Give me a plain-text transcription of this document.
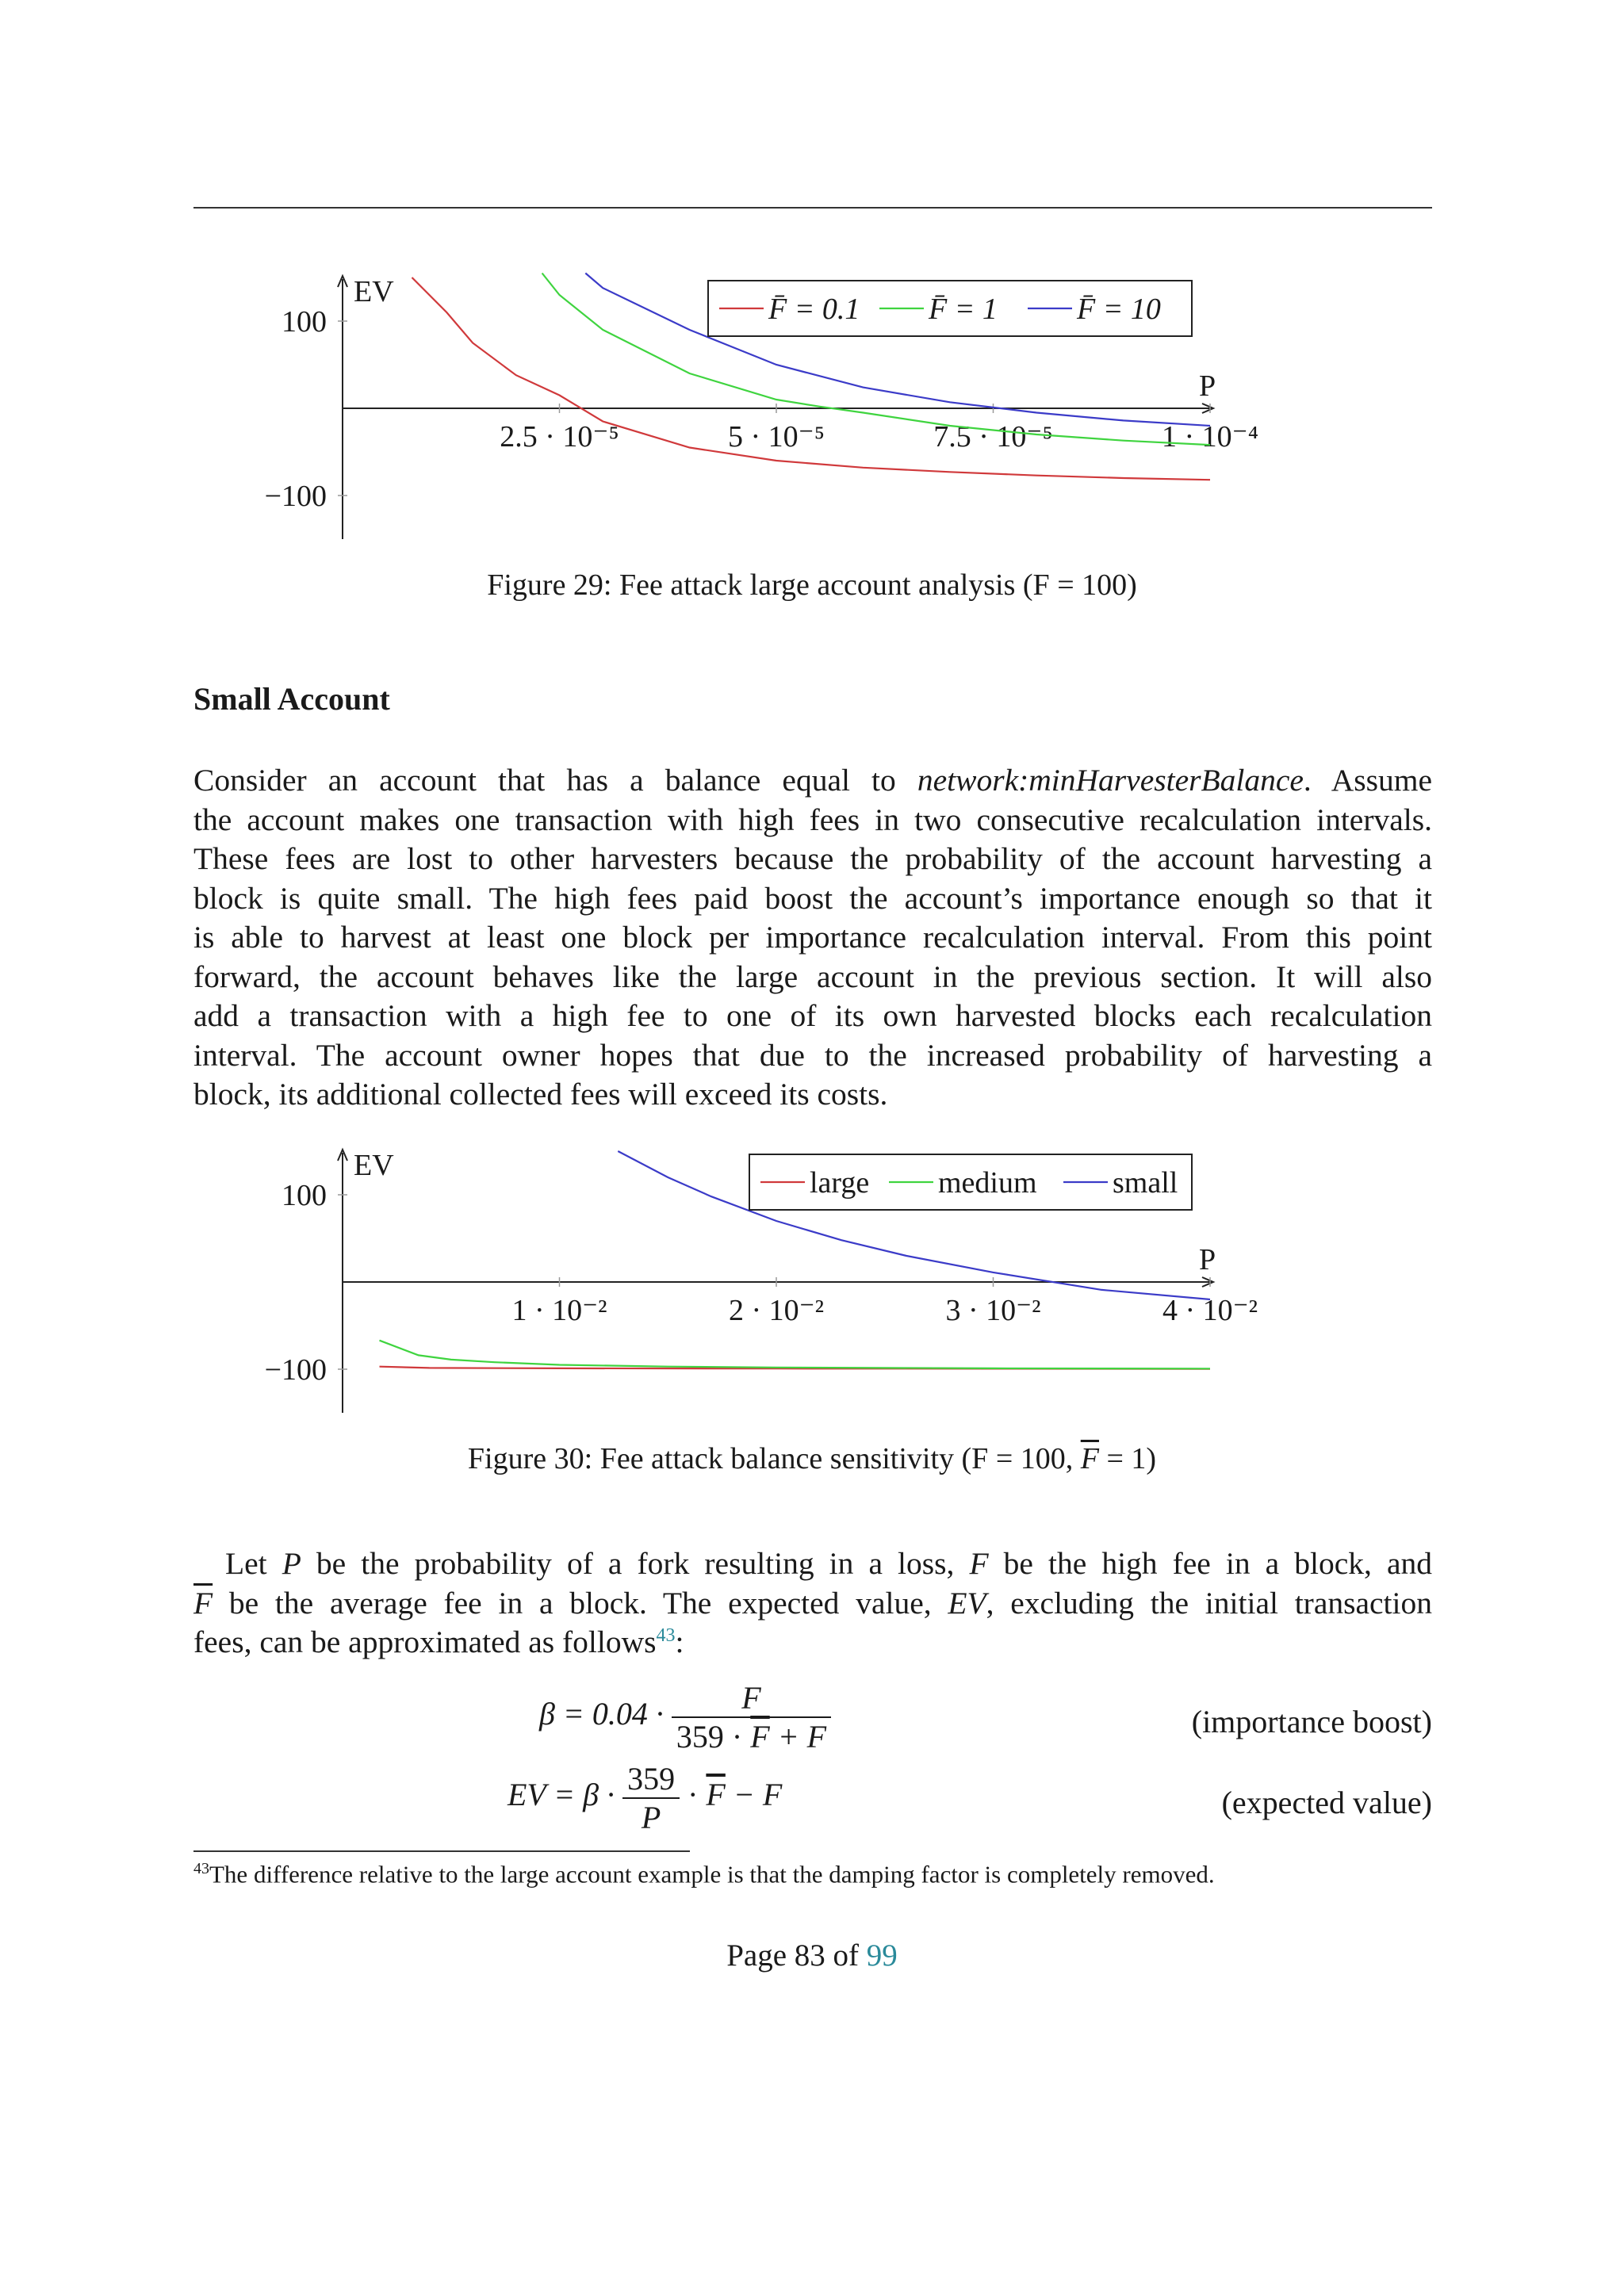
EV
P
100
−100
2.5 · 10⁻⁵	5 · 10⁻⁵	7.5 · 10⁻⁵	1 · 10⁻⁴
F̄ = 0.1 F̄ = 1	F̄ = 10
Figure 29: Fee attack large account analysis (F = 100)
Small Account
Consider an account that has a balance equal to network:minHarvesterBalance. Assume
the account makes one transaction with high fees in two consecutive recalculation intervals.
These fees are lost to other harvesters because the probability of the account harvesting a
block is quite small. The high fees paid boost the account’s importance enough so that it
is able to harvest at least one block per importance recalculation interval. From this point
forward, the account behaves like the large account in the previous section. It will also
add a transaction with a high fee to one of its own harvested blocks each recalculation
interval. The account owner hopes that due to the increased probability of harvesting a
block, its additional collected fees will exceed its costs.
EV
P
100
−100
1 · 10⁻²	2 · 10⁻²	3 · 10⁻²	4 · 10⁻²
large medium	small
Figure 30: Fee attack balance sensitivity (F = 100, $\overline{F} = 1$)
Let P be the probability of a fork resulting in a loss, F be the high fee in a block, and
$\overline{F}$ be the average fee in a block. The expected value, EV, excluding the initial transaction
fees, can be approximated as follows$^{43}$:
$\beta = 0.04 \cdot \frac{F}{359 \cdot \overline{F} + F}$	(importance boost)
EV = $\beta \cdot \frac{359}{P} \cdot \overline{F} - F$	(expected value)
$^{43}$The difference relative to the large account example is that the damping factor is completely removed.
Page 83 of 99
